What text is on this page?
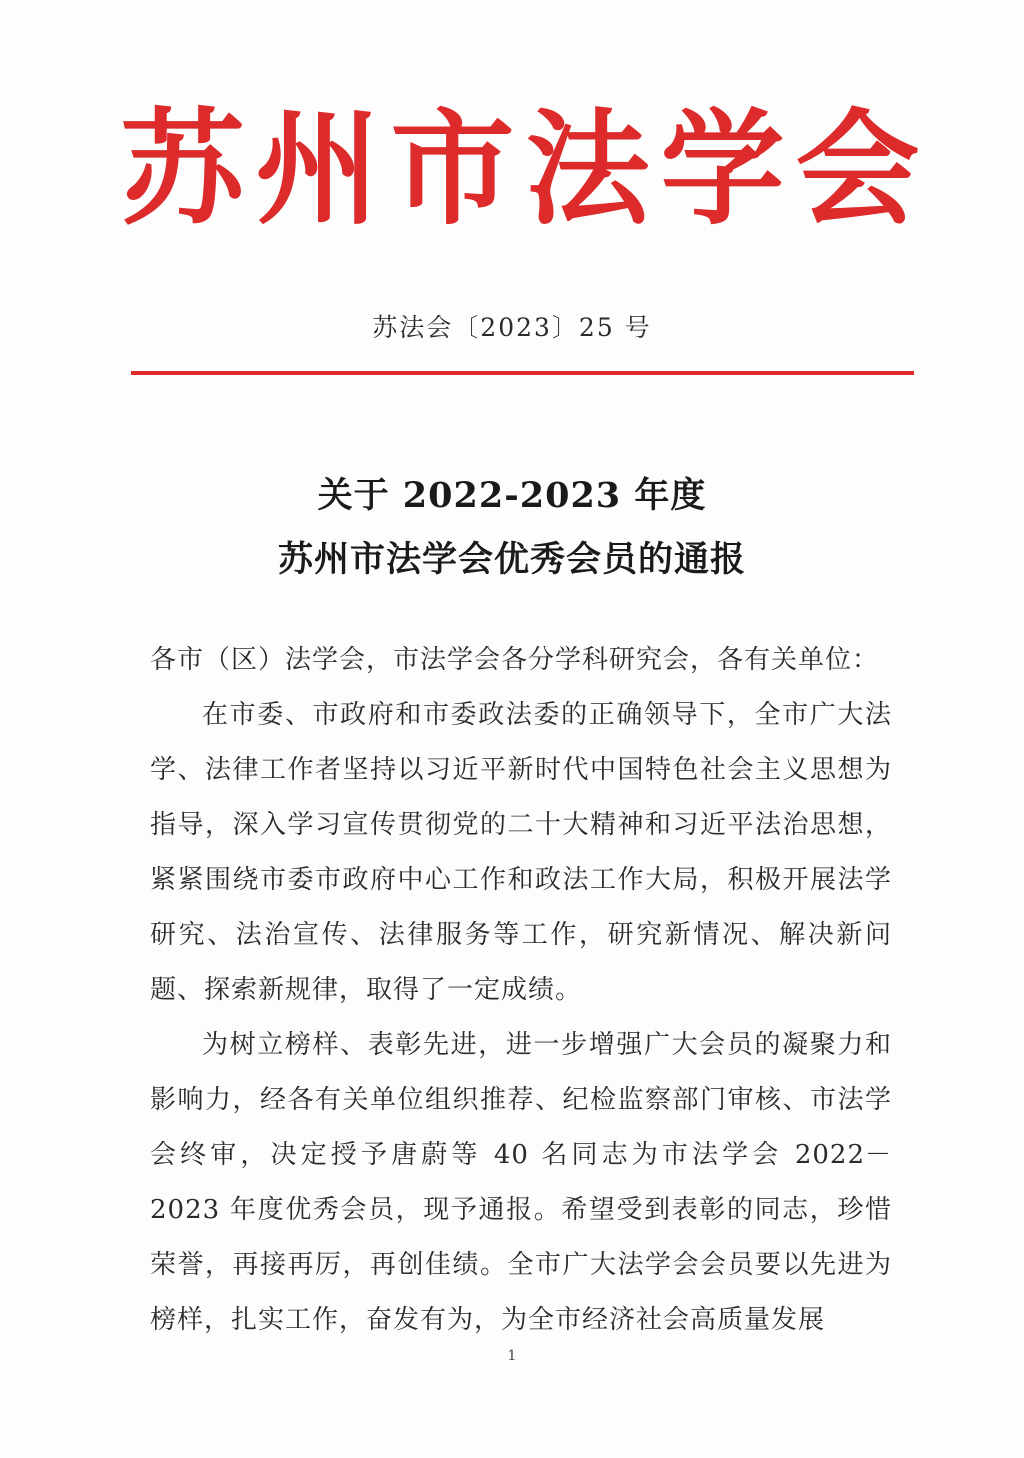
苏 州 市 法 学 会
苏法会〔2023〕25 号
关于 2022-2023 年度
苏州市法学会优秀会员的通报

各市（区）法学会，市法学会各分学科研究会，各有关单位：

在市委、市政府和市委政法委的正确领导下，全市广大法学、法律工作者坚持以习近平新时代中国特色社会主义思想为指导，深入学习宣传贯彻党的二十大精神和习近平法治思想，紧紧围绕市委市政府中心工作和政法工作大局，积极开展法学研究、法治宣传、法律服务等工作，研究新情况、解决新问题、探索新规律，取得了一定成绩。

为树立榜样、表彰先进，进一步增强广大会员的凝聚力和影响力，经各有关单位组织推荐、纪检监察部门审核、市法学会终审，决定授予唐蔚等 40 名同志为市法学会 2022－2023 年度优秀会员，现予通报。希望受到表彰的同志，珍惜荣誉，再接再厉，再创佳绩。全市广大法学会会员要以先进为榜样，扎实工作，奋发有为，为全市经济社会高质量发展

1
